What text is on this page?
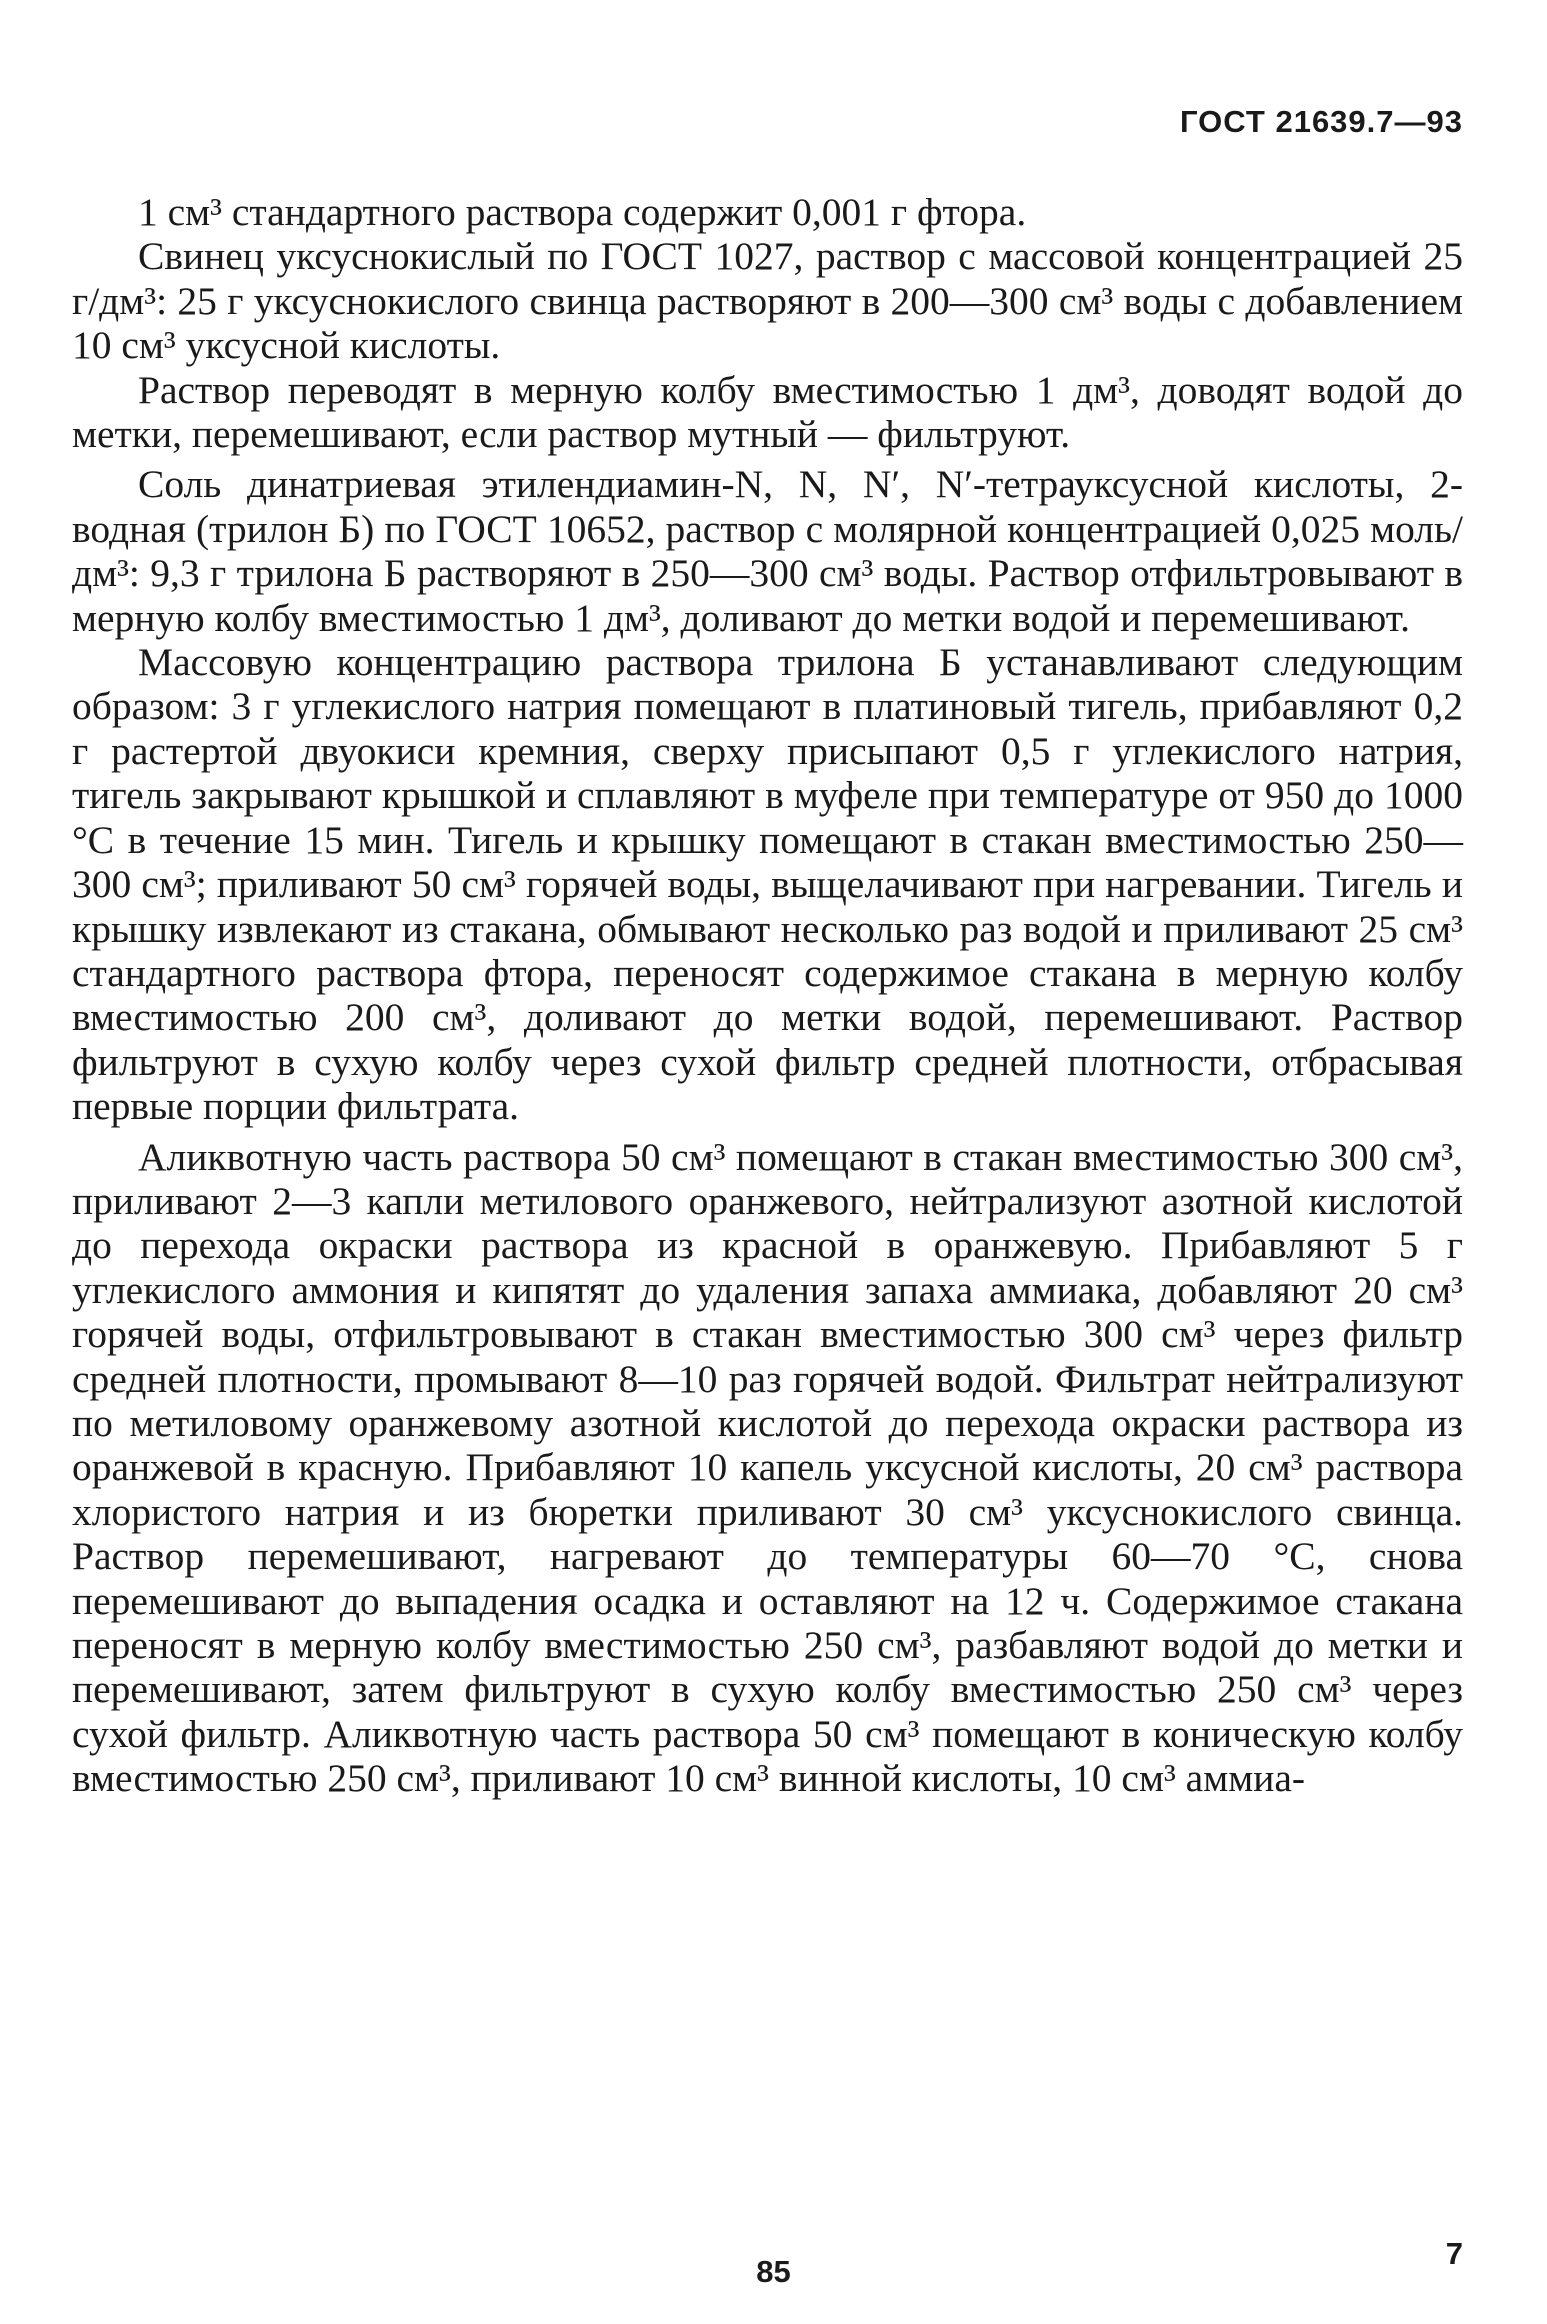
ГОСТ 21639.7—93

1 см³ стандартного раствора содержит 0,001 г фтора.

Свинец уксуснокислый по ГОСТ 1027, раствор с массовой концентрацией 25 г/дм³: 25 г уксуснокислого свинца растворяют в 200—300 см³ воды с добавлением 10 см³ уксусной кислоты.

Раствор переводят в мерную колбу вместимостью 1 дм³, доводят водой до метки, перемешивают, если раствор мутный — фильтруют.

Соль динатриевая этилендиамин-N, N, N′, N′-тетрауксусной кислоты, 2-водная (трилон Б) по ГОСТ 10652, раствор с молярной концентрацией 0,025 моль/дм³: 9,3 г трилона Б растворяют в 250—300 см³ воды. Раствор отфильтровывают в мерную колбу вместимостью 1 дм³, доливают до метки водой и перемешивают.

Массовую концентрацию раствора трилона Б устанавливают следующим образом: 3 г углекислого натрия помещают в платиновый тигель, прибавляют 0,2 г растертой двуокиси кремния, сверху присыпают 0,5 г углекислого натрия, тигель закрывают крышкой и сплавляют в муфеле при температуре от 950 до 1000 °С в течение 15 мин. Тигель и крышку помещают в стакан вместимостью 250—300 см³; приливают 50 см³ горячей воды, выщелачивают при нагревании. Тигель и крышку извлекают из стакана, обмывают несколько раз водой и приливают 25 см³ стандартного раствора фтора, переносят содержимое стакана в мерную колбу вместимостью 200 см³, доливают до метки водой, перемешивают. Раствор фильтруют в сухую колбу через сухой фильтр средней плотности, отбрасывая первые порции фильтрата.

Аликвотную часть раствора 50 см³ помещают в стакан вместимостью 300 см³, приливают 2—3 капли метилового оранжевого, нейтрализуют азотной кислотой до перехода окраски раствора из красной в оранжевую. Прибавляют 5 г углекислого аммония и кипятят до удаления запаха аммиака, добавляют 20 см³ горячей воды, отфильтровывают в стакан вместимостью 300 см³ через фильтр средней плотности, промывают 8—10 раз горячей водой. Фильтрат нейтрализуют по метиловому оранжевому азотной кислотой до перехода окраски раствора из оранжевой в красную. Прибавляют 10 капель уксусной кислоты, 20 см³ раствора хлористого натрия и из бюретки приливают 30 см³ уксуснокислого свинца. Раствор перемешивают, нагревают до температуры 60—70 °С, снова перемешивают до выпадения осадка и оставляют на 12 ч. Содержимое стакана переносят в мерную колбу вместимостью 250 см³, разбавляют водой до метки и перемешивают, затем фильтруют в сухую колбу вместимостью 250 см³ через сухой фильтр. Аликвотную часть раствора 50 см³ помещают в коническую колбу вместимостью 250 см³, приливают 10 см³ винной кислоты, 10 см³ аммиа-

85
7
